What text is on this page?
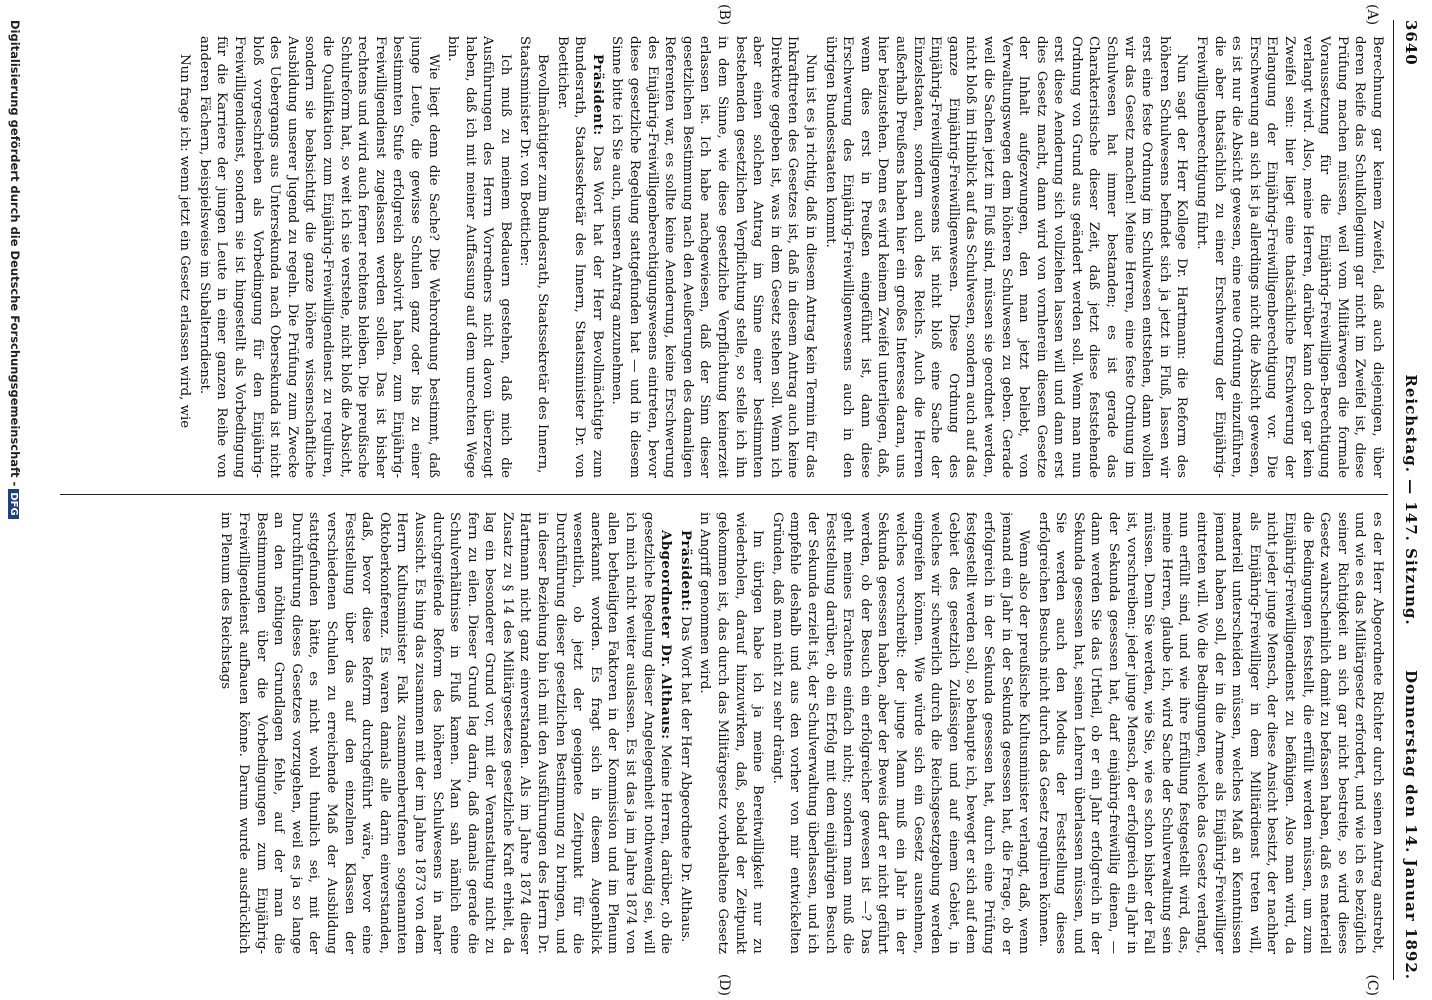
3640
Reichstag. — 147. Sitzung.
Donnerstag den 14. Januar 1892.
(A)
(B)
(C)
(D)

Berechnung gar keinem Zweifel, daß auch diejenigen, über deren Reife das Schulkollegium gar nicht im Zweifel ist, diese Prüfung machen müssen, weil vom Militärwegen die formale Voraussetzung für die Einjährig-Freiwilligen-Berechtigung verlangt wird. Also, meine Herren, darüber kann doch gar kein Zweifel sein: hier liegt eine thatsächliche Erschwerung der Erlangung der Einjährig-Freiwilligenberechtigung vor. Die Erschwerung an sich ist ja allerdings nicht die Absicht gewesen, es ist nur die Absicht gewesen, eine neue Ordnung einzuführen, die aber thatsächlich zu einer Erschwerung der Einjährig-Freiwilligenberechtigung führt.

Nun sagt der Herr Kollege Dr. Hartmann: die Reform des höheren Schulwesens befindet sich ja jetzt in Fluß, lassen wir erst eine feste Ordnung im Schulwesen entstehen, dann wollen wir das Gesetz machen! Meine Herren, eine feste Ordnung im Schulwesen hat immer bestanden; es ist gerade das Charakteristische dieser Zeit, daß jetzt diese feststehende Ordnung von Grund aus geändert werden soll. Wenn man nun erst diese Aenderung sich vollziehen lassen will und dann erst dies Gesetz macht, dann wird von vornherein diesem Gesetze der Inhalt aufgezwungen, den man jetzt beliebt, von Verwaltungswegen dem höheren Schulwesen zu geben. Gerade weil die Sachen jetzt im Fluß sind, müssen sie geordnet werden, nicht bloß im Hinblick auf das Schulwesen, sondern auch auf das ganze Einjährig-Freiwilligenwesen. Diese Ordnung des Einjährig-Freiwilligenwesens ist nicht bloß eine Sache der Einzelstaaten, sondern auch des Reichs. Auch die Herren außerhalb Preußens haben hier ein großes Interesse daran, uns hier beizustehen. Denn es wird keinem Zweifel unterliegen, daß, wenn dies erst in Preußen eingeführt ist, dann diese Erschwerung des Einjährig-Freiwilligenwesens auch in den übrigen Bundesstaaten kommt.

Nun ist es ja richtig, daß in diesem Antrag kein Termin für das Inkrafttreten des Gesetzes ist, daß in diesem Antrag auch keine Direktive gegeben ist, was in dem Gesetz stehen soll. Wenn ich aber einen solchen Antrag im Sinne einer bestimmten bestehenden gesetzlichen Verpflichtung stelle, so stelle ich ihn in dem Sinne, wie diese gesetzliche Verpflichtung keinerzeit erlassen ist. Ich habe nachgewiesen, daß der Sinn dieser gesetzlichen Bestimmung nach den Aeußerungen des damaligen Referenten war, es sollte keine Aenderung, keine Erschwerung des Einjährig-Freiwilligenberechtigungswesens eintreten, bevor diese gesetzliche Regelung stattgefunden hat — und in diesem Sinne bitte ich Sie auch, unseren Antrag anzunehmen.

Präsident: Das Wort hat der Herr Bevollmächtigte zum Bundesrath, Staatssekretär des Innern, Staatsminister Dr. von Boetticher.

Bevollmächtigter zum Bundesrath, Staatssekretär des Innern, Staatsminister Dr. von Boetticher:

Ich muß zu meinem Bedauern gestehen, daß mich die Ausführungen des Herrn Vorredners nicht davon überzeugt haben, daß ich mit meiner Auffassung auf dem unrechten Wege bin.

Wie liegt denn die Sache? Die Wehrordnung bestimmt, daß junge Leute, die gewisse Schulen ganz oder bis zu einer bestimmten Stufe erfolgreich absolvirt haben, zum Einjährig-Freiwilligendienst zugelassen werden sollen. Das ist bisher rechtens und wird auch ferner rechtens bleiben. Die preußische Schulreform hat, so weit ich sie verstehe, nicht bloß die Absicht, die Qualifikation zum Einjährig-Freiwilligendienst zu reguliren, sondern sie beabsichtigt die ganze höhere wissenschaftliche Ausbildung unserer Jugend zu regeln. Die Prüfung zum Zwecke des Uebergangs aus Untersekunda nach Obersekunda ist nicht bloß vorgeschrieben als Vorbedingung für den Einjährig-Freiwilligendienst, sondern sie ist hingestellt als Vorbedingung für die Karriere der jungen Leute in einer ganzen Reihe von anderen Fächern, beispielsweise im Subalterndienst.

Nun frage ich: wenn jetzt ein Gesetz erlassen wird, wie

es der Herr Abgeordnete Richter durch seinen Antrag anstrebt, und wie es das Militärgesetz erfordert, und wie ich es bezüglich seiner Richtigkeit an sich gar nicht bestreite, so wird dieses Gesetz wahrscheinlich damit zu befassen haben, daß es materiell die Bedingungen feststellt, die erfüllt werden müssen, um zum Einjährig-Freiwilligendienst zu befähigen. Also man wird, da nicht jeder junge Mensch, der diese Ansicht besitzt, der nachher als Einjährig-Freiwilliger in dem Militärdienst treten will, materiell unterscheiden müssen, welches Maß an Kenntnissen jemand haben soll, der in die Armee als Einjährig-Freiwilliger eintreten will. Wo die Bedingungen, welche das Gesetz verlangt, nun erfüllt sind, und wie ihre Erfüllung festgestellt wird, das, meine Herren, glaube ich, wird Sache der Schulverwaltung sein müssen. Denn Sie werden, wie Sie, wie es schon bisher der Fall ist, vorschreiben: jeder junge Mensch, der erfolgreich ein Jahr in der Sekunda gesessen hat, darf einjährig-freiwillig dienen, — dann werden Sie das Urtheil, ob er ein Jahr erfolgreich in der Sekunda gesessen hat, seinen Lehrern überlassen müssen, und Sie werden auch den Modus der Feststellung dieses erfolgreichen Besuchs nicht durch das Gesetz reguliren können.

Wenn also der preußische Kultusminister verlangt, daß, wenn jemand ein Jahr in der Sekunda gesessen hat, die Frage, ob er erfolgreich in der Sekunda gesessen hat, durch eine Prüfung festgestellt werden soll, so behaupte ich, bewegt er sich auf dem Gebiet des gesetzlich Zulässigen und auf einem Gebiet, in welches wir schwerlich durch die Reichsgesetzgebung werden eingreifen können. Wie würde sich ein Gesetz ausnehmen, welches vorschreibt: der junge Mann muß ein Jahr in der Sekunda gesessen haben, aber der Beweis darf er nicht geführt werden, ob der Besuch ein erfolgreicher gewesen ist —? Das geht meines Erachtens einfach nicht; sondern man muß die Feststellung darüber, ob ein Erfolg mit dem einjährigen Besuch der Sekunda erzielt ist, der Schulverwaltung überlassen, und ich empfehle deshalb und aus den vorher von mir entwickelten Gründen, daß man nicht zu sehr drängt.

Im übrigen habe ich ja meine Bereitwilligkeit nur zu wiederholen, darauf hinzuwirken, daß, sobald der Zeitpunkt gekommen ist, das durch das Militärgesetz vorbehaltene Gesetz in Angriff genommen wird.

Präsident: Das Wort hat der Herr Abgeordnete Dr. Althaus.

Abgeordneter Dr. Althaus: Meine Herren, darüber, ob die gesetzliche Regelung dieser Angelegenheit nothwendig sei, will ich mich nicht weiter auslassen. Es ist das ja im Jahre 1874 von allen betheiligten Faktoren in der Kommission und im Plenum anerkannt worden. Es fragt sich in diesem Augenblick wesentlich, ob jetzt der geeignete Zeitpunkt für die Durchführung dieser gesetzlichen Bestimmung zu bringen, und in dieser Beziehung bin ich mit den Ausführungen des Herrn Dr. Hartmann nicht ganz einverstanden. Als im Jahre 1874 dieser Zusatz zu § 14 des Militärgesetzes gesetzliche Kraft erhielt, da lag ein besonderer Grund vor, mit der Veranstaltung nicht zu fern zu eilen. Dieser Grund lag darin, daß damals gerade die Schulverhältnisse in Fluß kamen. Man sah nämlich eine durchgreifende Reform des höheren Schulwesens in naher Aussicht. Es hing das zusammen mit der im Jahre 1873 von dem Herrn Kultusminister Falk zusammenberufenen sogenannten Oktoberkonferenz. Es waren damals alle darin einverstanden, daß, bevor diese Reform durchgeführt wäre, bevor eine Feststellung über das auf den einzelnen Klassen der verschiedenen Schulen zu erreichende Maß der Ausbildung stattgefunden hätte, es nicht wohl thunlich sei, mit der Durchführung dieses Gesetzes vorzugehen, weil es ja so lange an den nöthigen Grundlagen fehle, auf der man die Bestimmungen über die Vorbedingungen zum Einjährig-Freiwilligendienst aufbauen könne. Darum wurde ausdrücklich im Plenum des Reichstags

Digitalisierung gefördert durch die Deutsche Forschungsgemeinschaft -DFG
